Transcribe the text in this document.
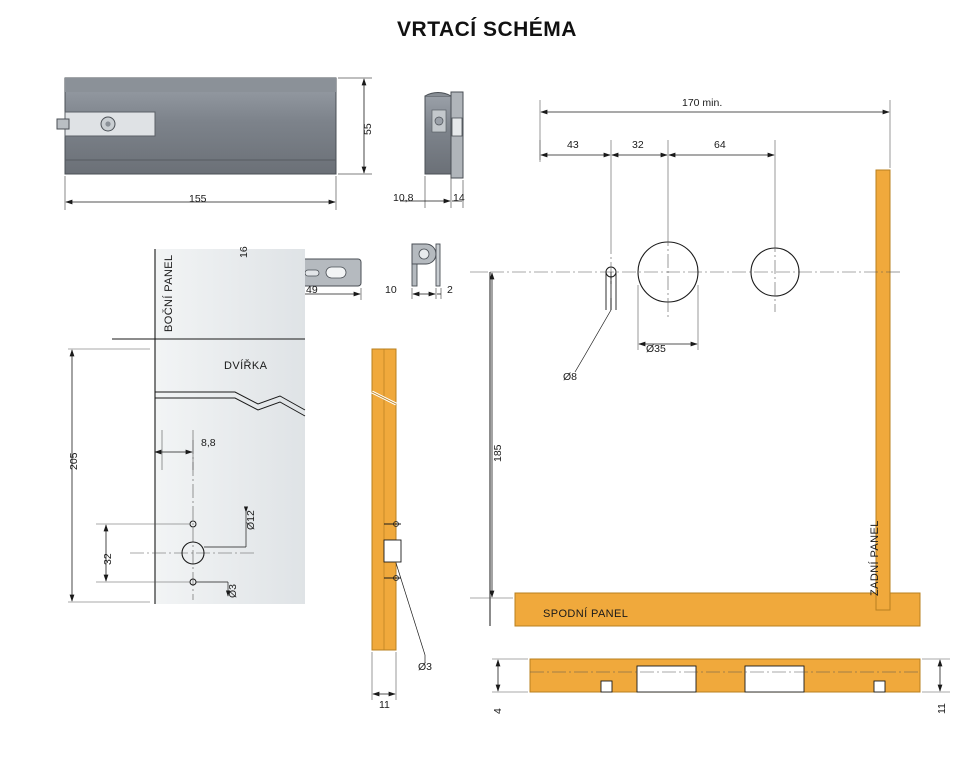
VRTACÍ SCHÉMA
155
55
10,8	14
49
16
10	2
BOČNÍ PANEL
DVÍŘKA
205
8,8
32
Ø12
Ø3
Ø3
11
170 min.
43	32	64
185
Ø8
Ø35
SPODNÍ PANEL
ZADNÍ PANEL
4	11
